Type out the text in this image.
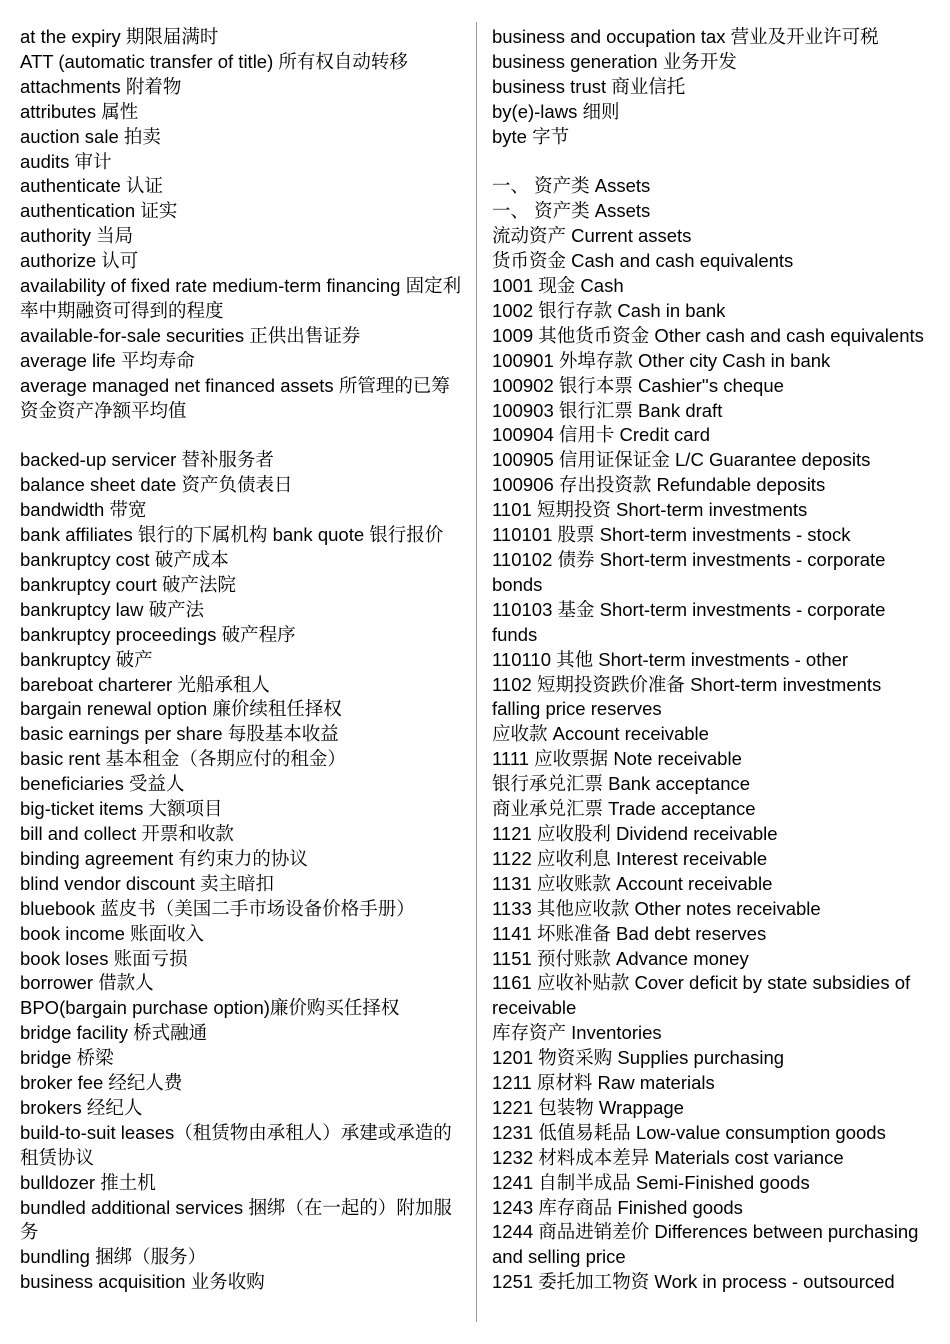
at the expiry 期限届满时
ATT (automatic transfer of title) 所有权自动转移
attachments 附着物
attributes 属性
auction sale 拍卖
audits 审计
authenticate 认证
authentication 证实
authority 当局
authorize 认可
availability of fixed rate medium-term financing 固定利率中期融资可得到的程度
available-for-sale securities 正供出售证券
average life 平均寿命
average managed net financed assets 所管理的已筹资金资产净额平均值
backed-up servicer 替补服务者
balance sheet date 资产负债表日
bandwidth 带宽
bank affiliates 银行的下属机构 bank quote 银行报价
bankruptcy cost 破产成本
bankruptcy court 破产法院
bankruptcy law 破产法
bankruptcy proceedings 破产程序
bankruptcy 破产
bareboat charterer 光船承租人
bargain renewal option 廉价续租任择权
basic earnings per share 每股基本收益
basic rent 基本租金（各期应付的租金）
beneficiaries 受益人
big-ticket items 大额项目
bill and collect 开票和收款
binding agreement 有约束力的协议
blind vendor discount 卖主暗扣
bluebook 蓝皮书（美国二手市场设备价格手册）
book income 账面收入
book loses 账面亏损
borrower 借款人
BPO(bargain purchase option)廉价购买任择权
bridge facility 桥式融通
bridge 桥梁
broker fee 经纪人费
brokers 经纪人
build-to-suit leases（租赁物由承租人）承建或承造的租赁协议
bulldozer 推土机
bundled additional services 捆绑（在一起的）附加服务
bundling 捆绑（服务）
business acquisition 业务收购
business and occupation tax 营业及开业许可税
business generation 业务开发
business trust 商业信托
by(e)-laws 细则
byte 字节
一、 资产类 Assets
一、 资产类 Assets
流动资产 Current assets
货币资金 Cash and cash equivalents
1001 现金 Cash
1002 银行存款 Cash in bank
1009 其他货币资金 Other cash and cash equivalents
100901 外埠存款 Other city Cash in bank
100902 银行本票 Cashier''s cheque
100903 银行汇票 Bank draft
100904 信用卡 Credit card
100905 信用证保证金 L/C Guarantee deposits
100906 存出投资款 Refundable deposits
1101 短期投资 Short-term investments
110101 股票 Short-term investments - stock
110102 债券 Short-term investments - corporate bonds
110103 基金 Short-term investments - corporate funds
110110 其他 Short-term investments - other
1102 短期投资跌价准备 Short-term investments falling price reserves
应收款 Account receivable
1111 应收票据 Note receivable
银行承兑汇票 Bank acceptance
商业承兑汇票 Trade acceptance
1121 应收股利 Dividend receivable
1122 应收利息 Interest receivable
1131 应收账款 Account receivable
1133 其他应收款 Other notes receivable
1141 坏账准备 Bad debt reserves
1151 预付账款 Advance money
1161 应收补贴款 Cover deficit by state subsidies of receivable
库存资产 Inventories
1201 物资采购 Supplies purchasing
1211 原材料 Raw materials
1221 包装物 Wrappage
1231 低值易耗品 Low-value consumption goods
1232 材料成本差异 Materials cost variance
1241 自制半成品 Semi-Finished goods
1243 库存商品 Finished goods
1244 商品进销差价 Differences between purchasing and selling price
1251 委托加工物资 Work in process - outsourced
